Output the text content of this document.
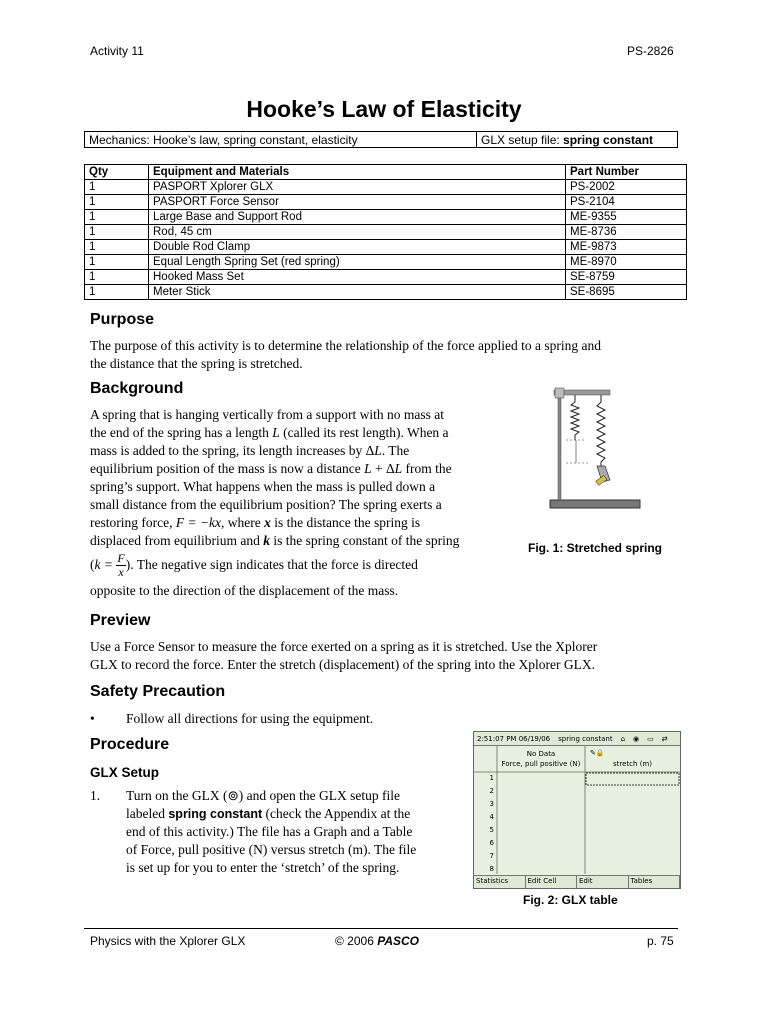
Activity 11	PS-2826
Hooke’s Law of Elasticity
Mechanics: Hooke’s law, spring constant, elasticity	GLX setup file: spring constant
Qty	Equipment and Materials	Part Number
1	PASPORT Xplorer GLX	PS-2002
1	PASPORT Force Sensor	PS-2104
1	Large Base and Support Rod	ME-9355
1	Rod, 45 cm	ME-8736
1	Double Rod Clamp	ME-9873
1	Equal Length Spring Set (red spring)	ME-8970
1	Hooked Mass Set	SE-8759
1	Meter Stick	SE-8695
Purpose
The purpose of this activity is to determine the relationship of the force applied to a spring and
the distance that the spring is stretched.
Background
A spring that is hanging vertically from a support with no mass at
the end of the spring has a length L (called its rest length). When a
mass is added to the spring, its length increases by ΔL. The
equilibrium position of the mass is now a distance L + ΔL from the
spring’s support. What happens when the mass is pulled down a
small distance from the equilibrium position? The spring exerts a
restoring force, F = −kx, where x is the distance the spring is
displaced from equilibrium and k is the spring constant of the spring
($k = \frac{F}{x}$ ). The negative sign indicates that the force is directed
opposite to the direction of the displacement of the mass.
Fig. 1: Stretched spring
Preview
Use a Force Sensor to measure the force exerted on a spring as it is stretched. Use the Xplorer
GLX to record the force. Enter the stretch (displacement) of the spring into the Xplorer GLX.
Safety Precaution
• Follow all directions for using the equipment.
Procedure
GLX Setup
1. Turn on the GLX (⊚) and open the GLX setup file
labeled spring constant (check the Appendix at the
end of this activity.) The file has a Graph and a Table
of Force, pull positive (N) versus stretch (m). The file
is set up for you to enter the ‘stretch’ of the spring.
2:51:07 PM 06/19/06 spring constant ⌂ ◉ ▭ ⇄
No Data
Force, pull positive (N)
✎🔒
stretch (m)
1
2
3
4
5
6
7
8
Statistics	Edit Cell	Edit	Tables
Fig. 2: GLX table
Physics with the Xplorer GLX	© 2006 PASCO	p. 75
